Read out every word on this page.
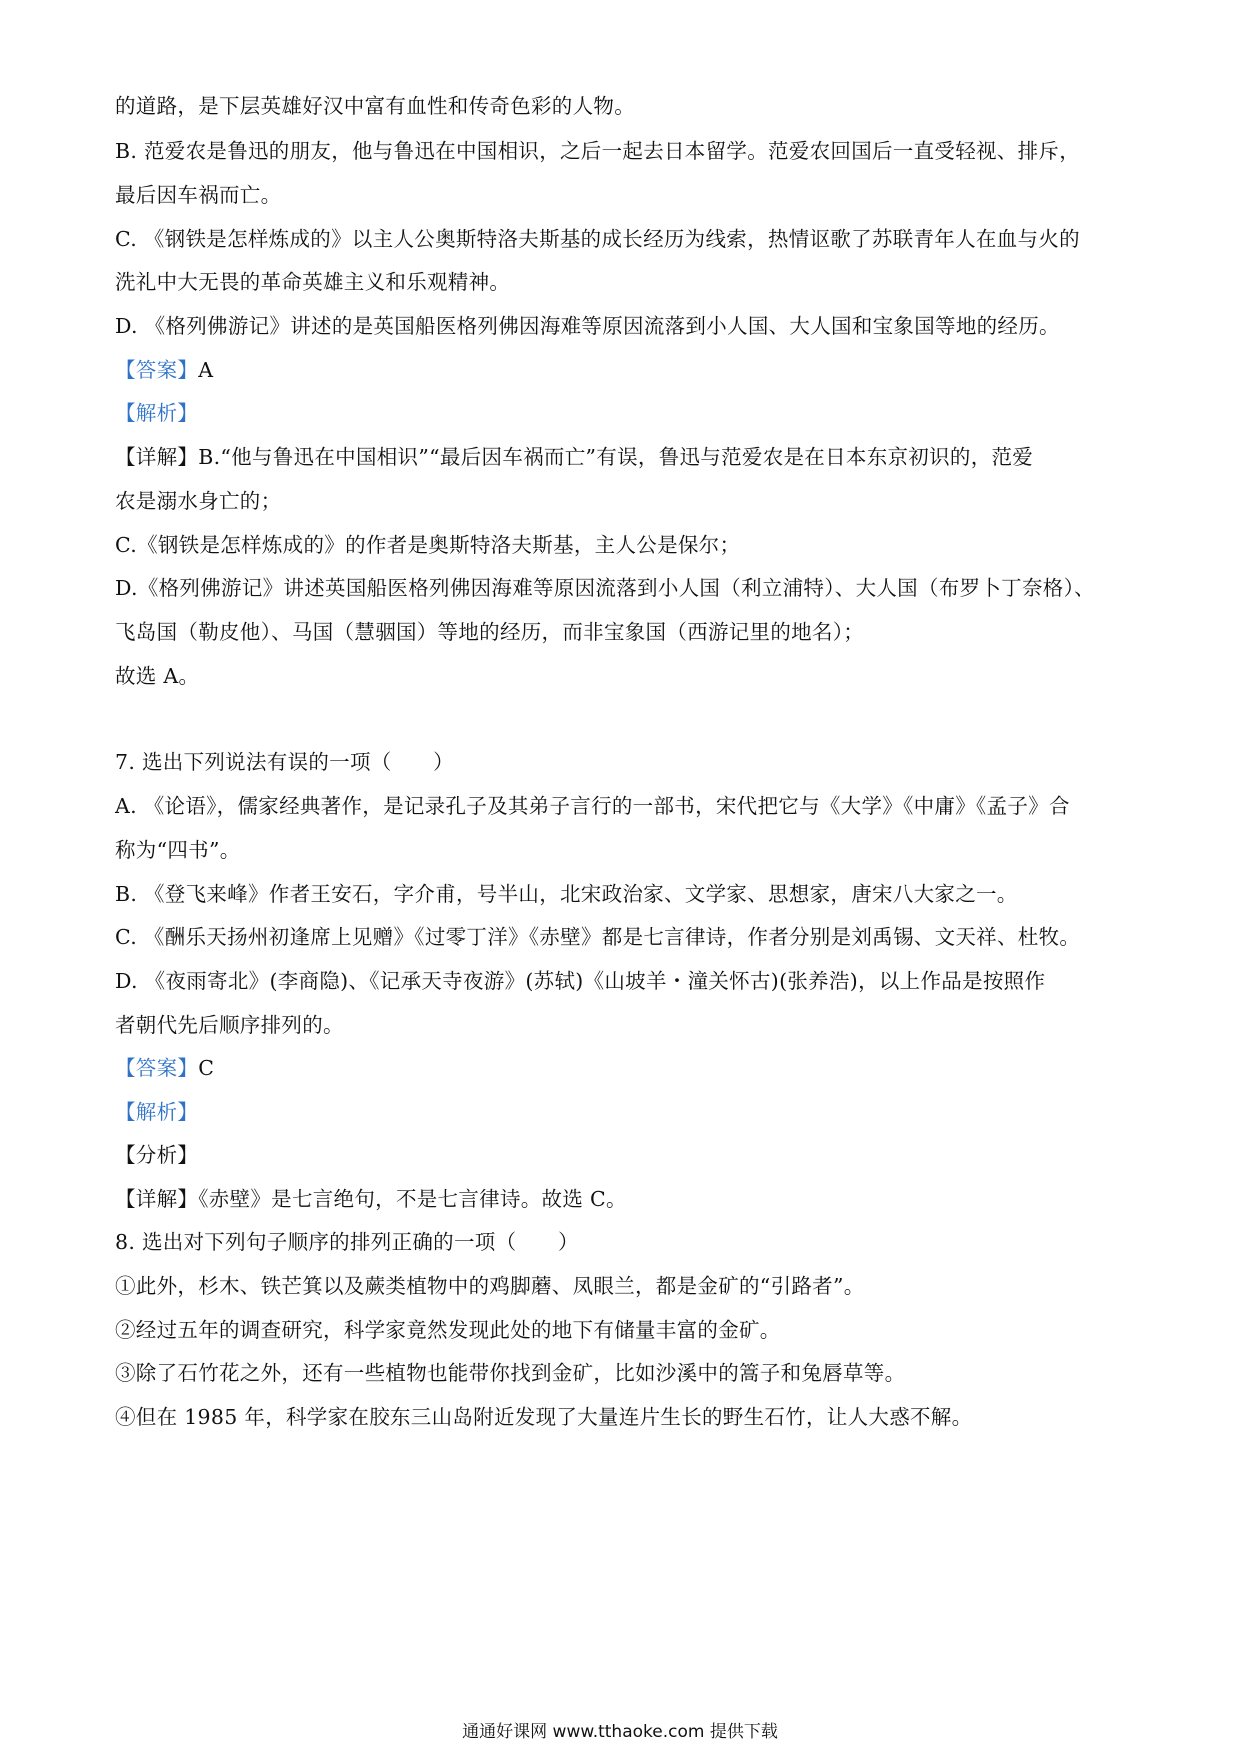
的道路，是下层英雄好汉中富有血性和传奇色彩的人物。
B. 范爱农是鲁迅的朋友，他与鲁迅在中国相识，之后一起去日本留学。范爱农回国后一直受轻视、排斥，
最后因车祸而亡。
C. 《钢铁是怎样炼成的》以主人公奥斯特洛夫斯基的成长经历为线索，热情讴歌了苏联青年人在血与火的
洗礼中大无畏的革命英雄主义和乐观精神。
D. 《格列佛游记》讲述的是英国船医格列佛因海难等原因流落到小人国、大人国和宝象国等地的经历。
【答案】A
【解析】
【详解】B.“他与鲁迅在中国相识”“最后因车祸而亡”有误，鲁迅与范爱农是在日本东京初识的，范爱
农是溺水身亡的；
C.《钢铁是怎样炼成的》的作者是奥斯特洛夫斯基，主人公是保尔；
D.《格列佛游记》讲述英国船医格列佛因海难等原因流落到小人国（利立浦特）、大人国（布罗卜丁奈格）、
飞岛国（勒皮他）、马国（慧骃国）等地的经历，而非宝象国（西游记里的地名）；
故选 A。
7. 选出下列说法有误的一项（　　）
A. 《论语》，儒家经典著作，是记录孔子及其弟子言行的一部书，宋代把它与《大学》《中庸》《孟子》合
称为“四书”。
B. 《登飞来峰》作者王安石，字介甫，号半山，北宋政治家、文学家、思想家，唐宋八大家之一。
C. 《酬乐天扬州初逢席上见赠》《过零丁洋》《赤壁》都是七言律诗，作者分别是刘禹锡、文天祥、杜牧。
D. 《夜雨寄北》(李商隐)、《记承天寺夜游》(苏轼)《山坡羊・潼关怀古)(张养浩)，以上作品是按照作
者朝代先后顺序排列的。
【答案】C
【解析】
【分析】
【详解】《赤壁》是七言绝句，不是七言律诗。故选 C。
8. 选出对下列句子顺序的排列正确的一项（　　）
①此外，杉木、铁芒箕以及蕨类植物中的鸡脚蘑、凤眼兰，都是金矿的“引路者”。
②经过五年的调查研究，科学家竟然发现此处的地下有储量丰富的金矿。
③除了石竹花之外，还有一些植物也能带你找到金矿，比如沙溪中的篙子和兔唇草等。
④但在 1985 年，科学家在胶东三山岛附近发现了大量连片生长的野生石竹，让人大惑不解。
通通好课网 www.tthaoke.com 提供下载
